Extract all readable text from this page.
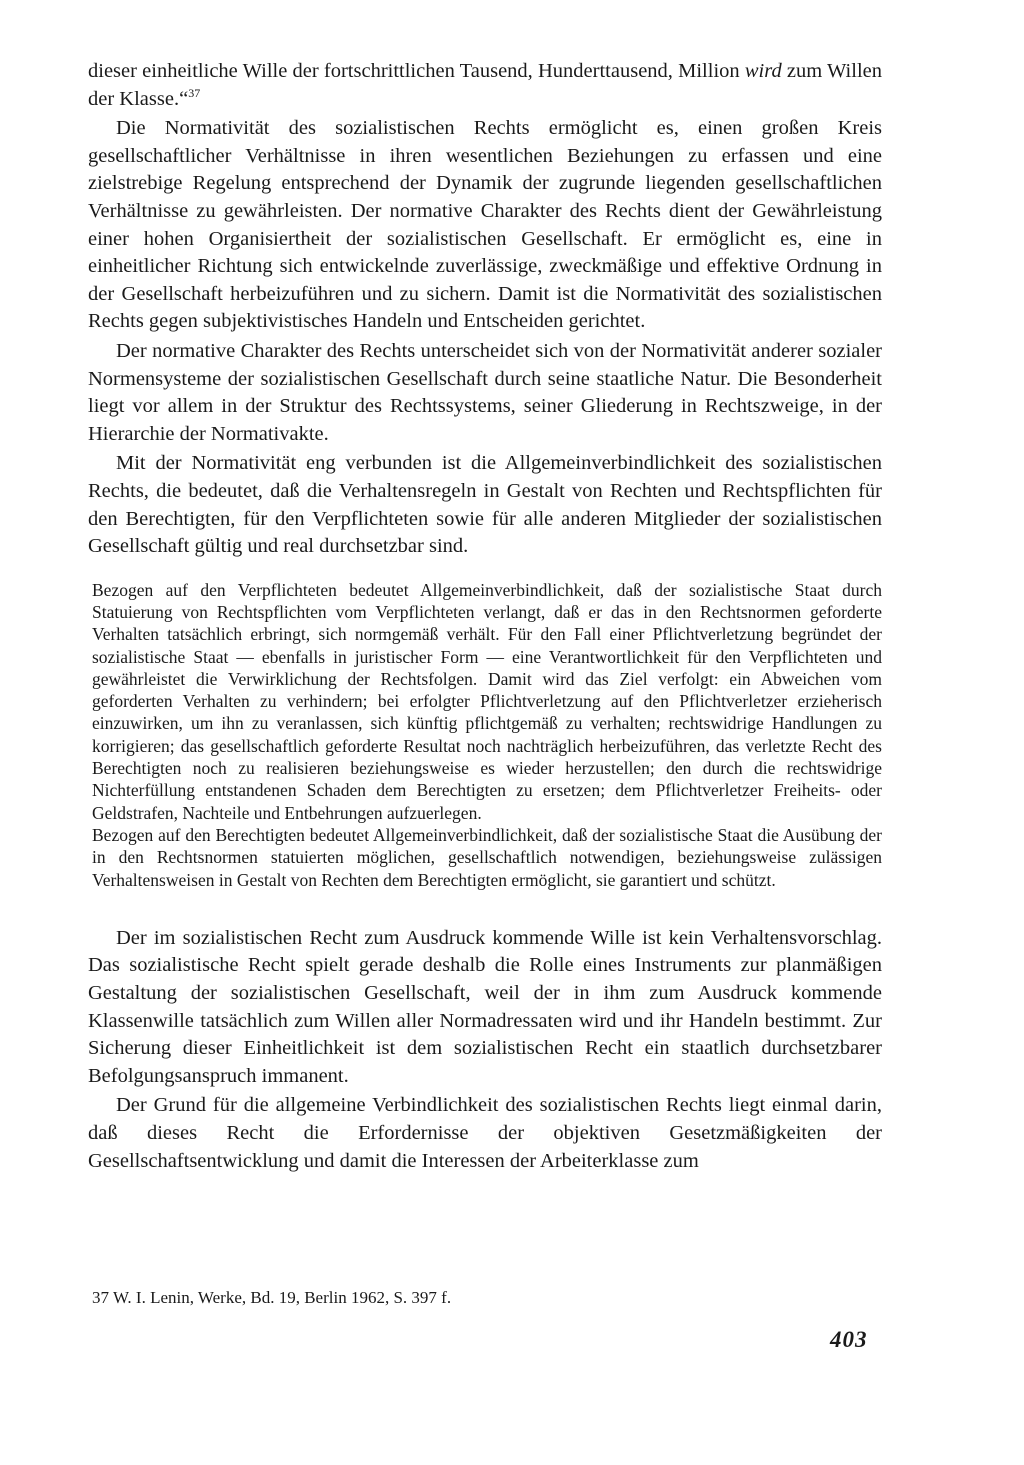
dieser einheitliche Wille der fortschrittlichen Tausend, Hunderttausend, Million wird zum Willen der Klasse.“$^{37}$

Die Normativität des sozialistischen Rechts ermöglicht es, einen großen Kreis gesellschaftlicher Verhältnisse in ihren wesentlichen Beziehungen zu erfassen und eine zielstrebige Regelung entsprechend der Dynamik der zugrunde liegenden gesellschaftlichen Verhältnisse zu gewährleisten. Der normative Charakter des Rechts dient der Gewährleistung einer hohen Organisiertheit der sozialistischen Gesellschaft. Er ermöglicht es, eine in einheitlicher Richtung sich entwickelnde zuverlässige, zweckmäßige und effektive Ordnung in der Gesellschaft herbeizuführen und zu sichern. Damit ist die Normativität des sozialistischen Rechts gegen subjektivistisches Handeln und Entscheiden gerichtet.

Der normative Charakter des Rechts unterscheidet sich von der Normativität anderer sozialer Normensysteme der sozialistischen Gesellschaft durch seine staatliche Natur. Die Besonderheit liegt vor allem in der Struktur des Rechtssystems, seiner Gliederung in Rechtszweige, in der Hierarchie der Normativakte.

Mit der Normativität eng verbunden ist die Allgemeinverbindlichkeit des sozialistischen Rechts, die bedeutet, daß die Verhaltensregeln in Gestalt von Rechten und Rechtspflichten für den Berechtigten, für den Verpflichteten sowie für alle anderen Mitglieder der sozialistischen Gesellschaft gültig und real durchsetzbar sind.

Bezogen auf den Verpflichteten bedeutet Allgemeinverbindlichkeit, daß der sozialistische Staat durch Statuierung von Rechtspflichten vom Verpflichteten verlangt, daß er das in den Rechtsnormen geforderte Verhalten tatsächlich erbringt, sich normgemäß verhält. Für den Fall einer Pflichtverletzung begründet der sozialistische Staat — ebenfalls in juristischer Form — eine Verantwortlichkeit für den Verpflichteten und gewährleistet die Verwirklichung der Rechtsfolgen. Damit wird das Ziel verfolgt: ein Abweichen vom geforderten Verhalten zu verhindern; bei erfolgter Pflichtverletzung auf den Pflichtverletzer erzieherisch einzuwirken, um ihn zu veranlassen, sich künftig pflichtgemäß zu verhalten; rechtswidrige Handlungen zu korrigieren; das gesellschaftlich geforderte Resultat noch nachträglich herbeizuführen, das verletzte Recht des Berechtigten noch zu realisieren beziehungsweise es wieder herzustellen; den durch die rechtswidrige Nichterfüllung entstandenen Schaden dem Berechtigten zu ersetzen; dem Pflichtverletzer Freiheits- oder Geldstrafen, Nachteile und Entbehrungen aufzuerlegen.

Bezogen auf den Berechtigten bedeutet Allgemeinverbindlichkeit, daß der sozialistische Staat die Ausübung der in den Rechtsnormen statuierten möglichen, gesellschaftlich notwendigen, beziehungsweise zulässigen Verhaltensweisen in Gestalt von Rechten dem Berechtigten ermöglicht, sie garantiert und schützt.

Der im sozialistischen Recht zum Ausdruck kommende Wille ist kein Verhaltensvorschlag. Das sozialistische Recht spielt gerade deshalb die Rolle eines Instruments zur planmäßigen Gestaltung der sozialistischen Gesellschaft, weil der in ihm zum Ausdruck kommende Klassenwille tatsächlich zum Willen aller Normadressaten wird und ihr Handeln bestimmt. Zur Sicherung dieser Einheitlichkeit ist dem sozialistischen Recht ein staatlich durchsetzbarer Befolgungsanspruch immanent.

Der Grund für die allgemeine Verbindlichkeit des sozialistischen Rechts liegt einmal darin, daß dieses Recht die Erfordernisse der objektiven Gesetzmäßigkeiten der Gesellschaftsentwicklung und damit die Interessen der Arbeiterklasse zum

37 W. I. Lenin, Werke, Bd. 19, Berlin 1962, S. 397 f.
403
